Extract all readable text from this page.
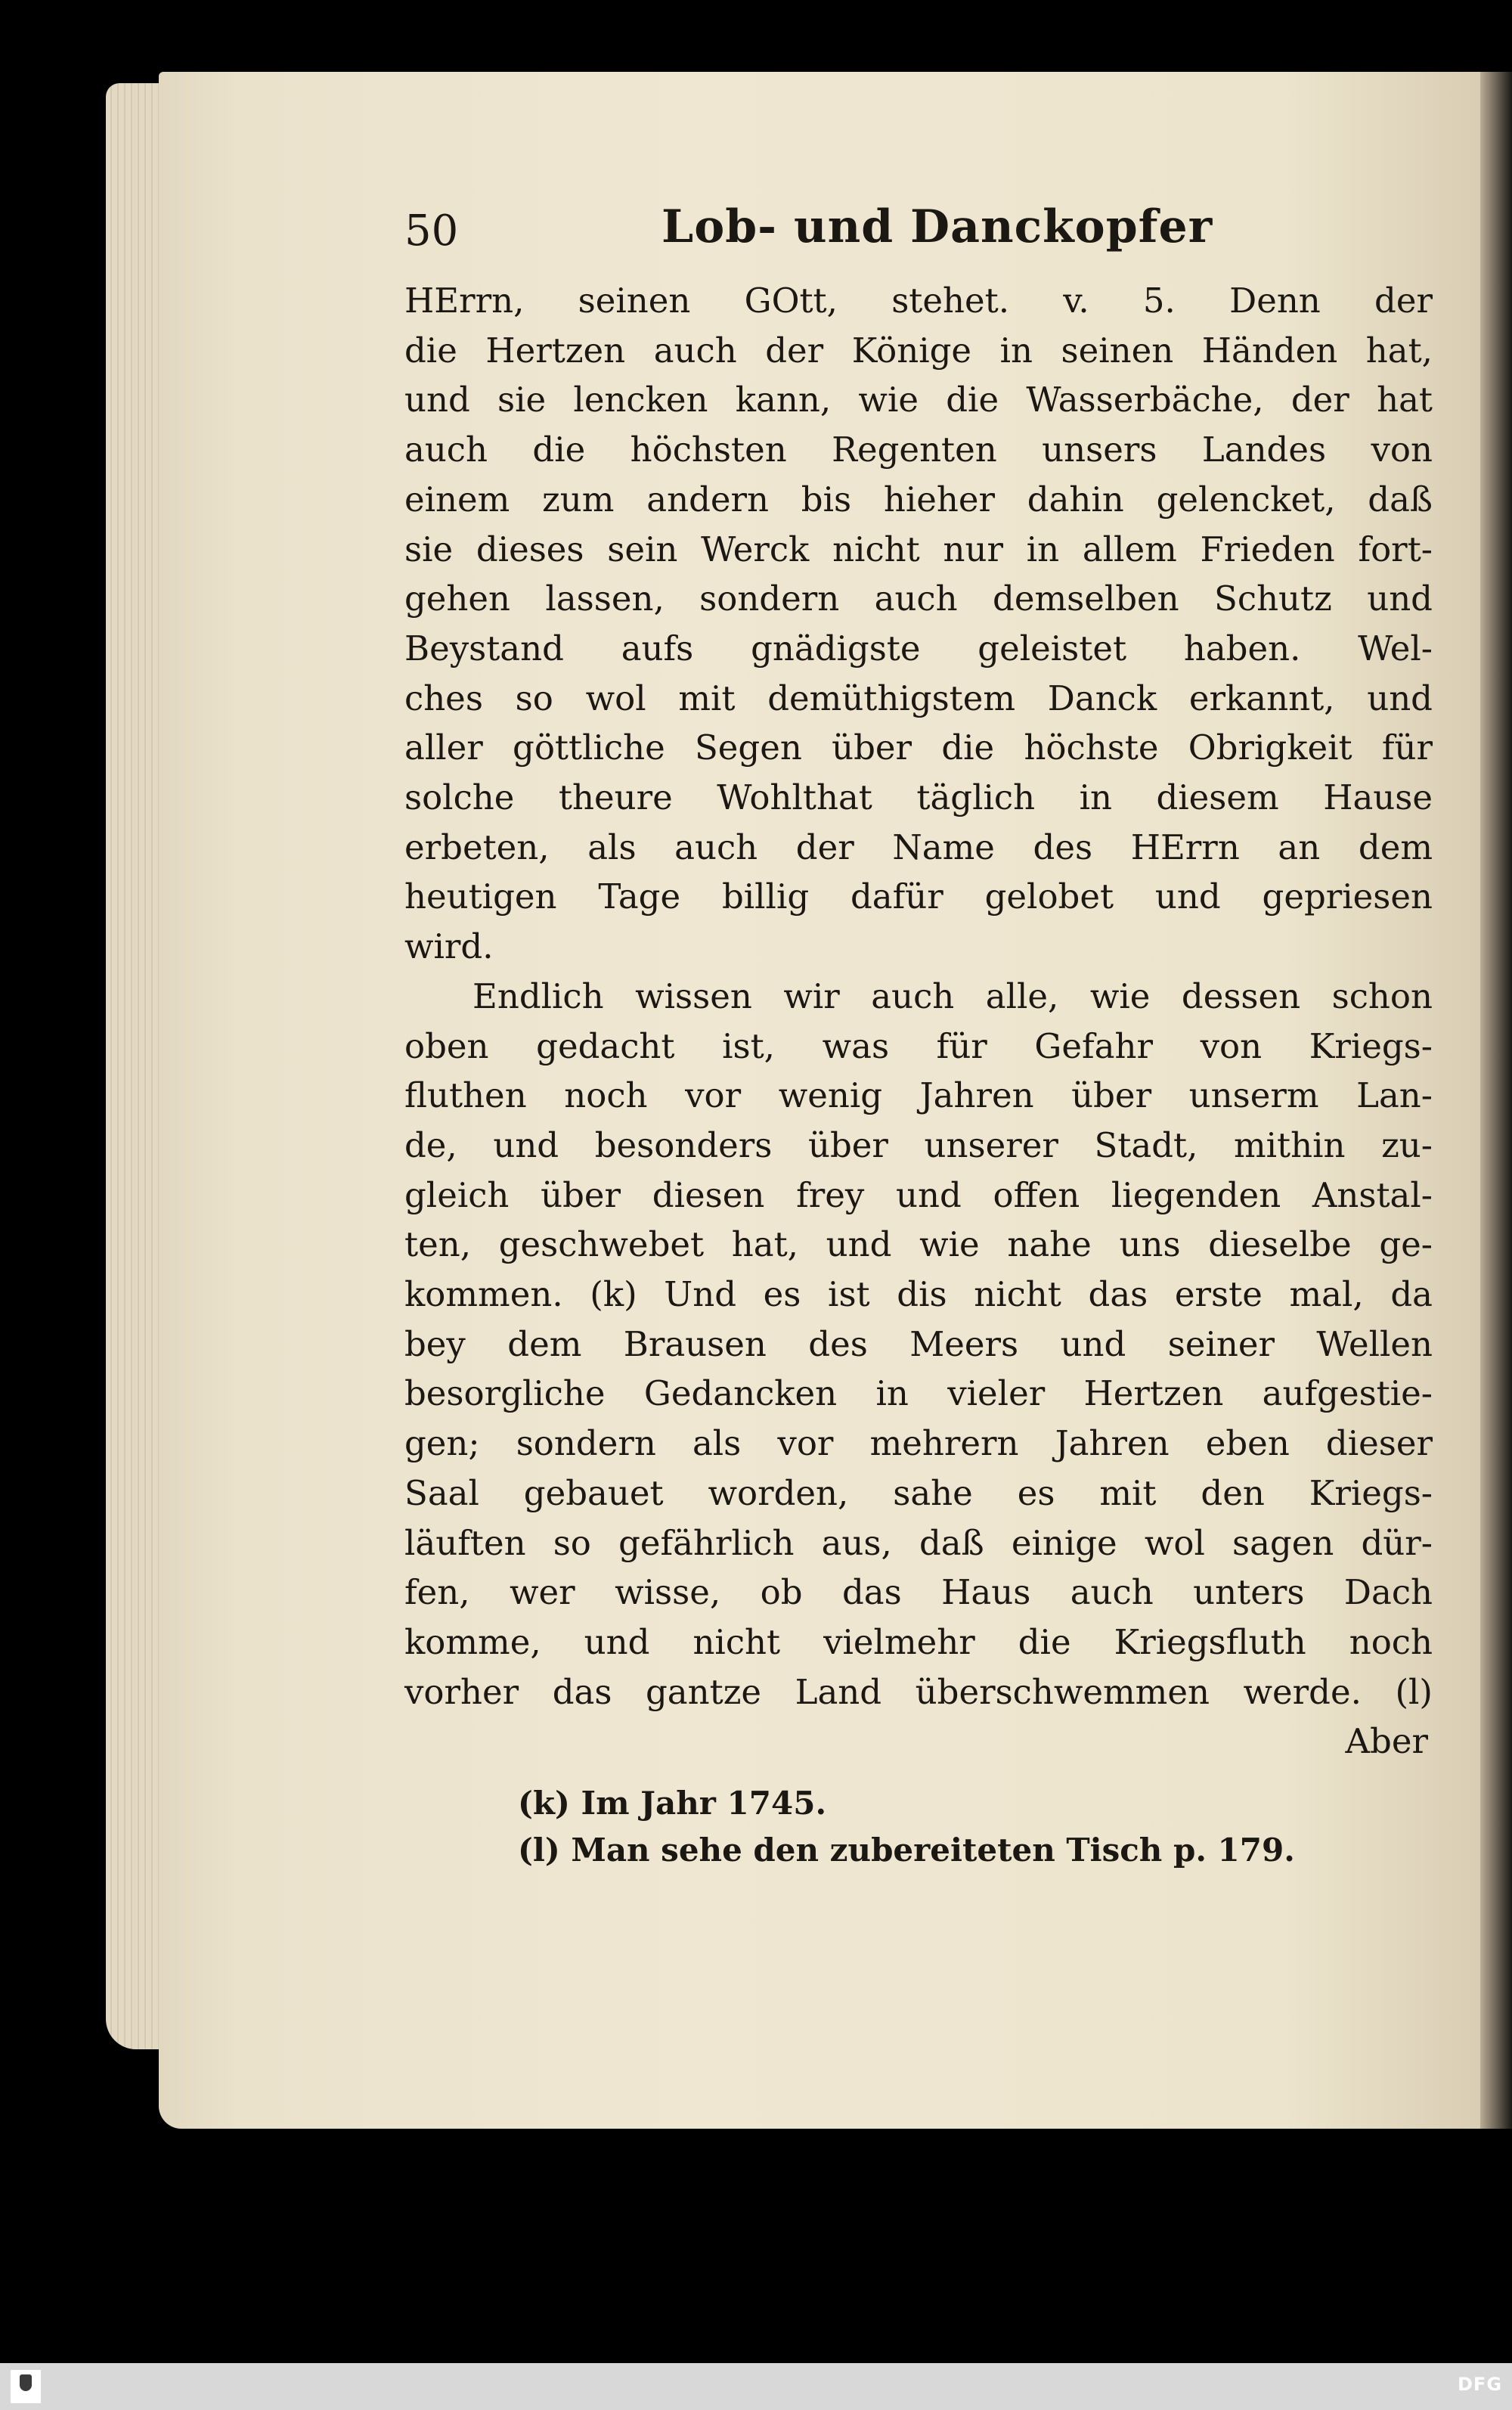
50	Lob- und Danckopfer

HErrn, seinen GOtt, stehet. v. 5. Denn der

die Hertzen auch der Könige in seinen Händen hat,

und sie lencken kann, wie die Wasserbäche, der hat

auch die höchsten Regenten unsers Landes von

einem zum andern bis hieher dahin gelencket, daß

sie dieses sein Werck nicht nur in allem Frieden fort-

gehen lassen, sondern auch demselben Schutz und

Beystand aufs gnädigste geleistet haben. Wel-

ches so wol mit demüthigstem Danck erkannt, und

aller göttliche Segen über die höchste Obrigkeit für

solche theure Wohlthat täglich in diesem Hause

erbeten, als auch der Name des HErrn an dem

heutigen Tage billig dafür gelobet und gepriesen

wird.

Endlich wissen wir auch alle, wie dessen schon

oben gedacht ist, was für Gefahr von Kriegs-

fluthen noch vor wenig Jahren über unserm Lan-

de, und besonders über unserer Stadt, mithin zu-

gleich über diesen frey und offen liegenden Anstal-

ten, geschwebet hat, und wie nahe uns dieselbe ge-

kommen. (k) Und es ist dis nicht das erste mal, da

bey dem Brausen des Meers und seiner Wellen

besorgliche Gedancken in vieler Hertzen aufgestie-

gen; sondern als vor mehrern Jahren eben dieser

Saal gebauet worden, sahe es mit den Kriegs-

läuften so gefährlich aus, daß einige wol sagen dür-

fen, wer wisse, ob das Haus auch unters Dach

komme, und nicht vielmehr die Kriegsfluth noch

vorher das gantze Land überschwemmen werde. (l)

Aber
(k) Im Jahr 1745.
(l) Man sehe den zubereiteten Tisch p. 179.
DFG
